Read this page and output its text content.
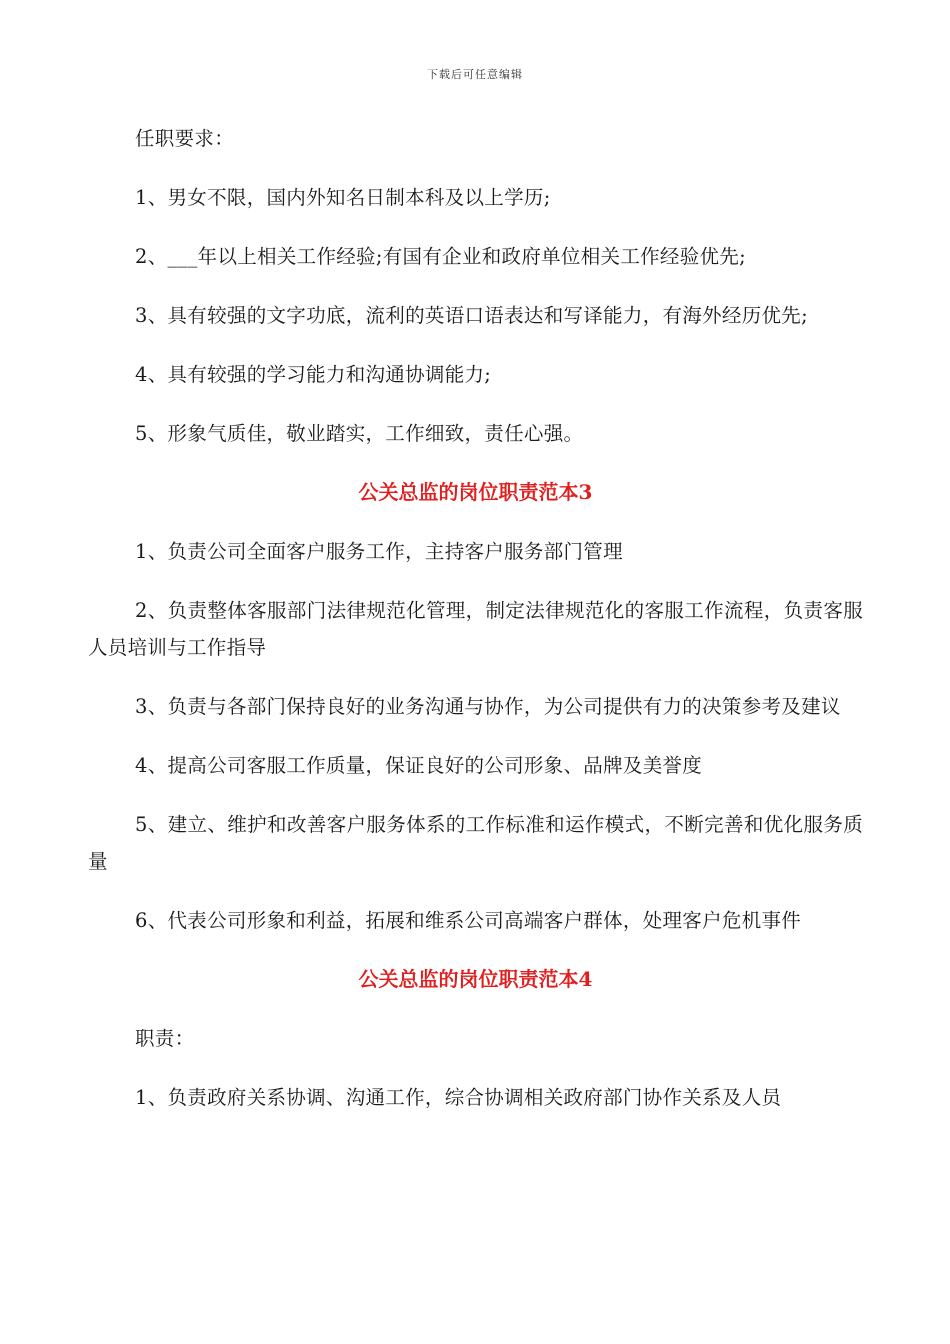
下载后可任意编辑

任职要求：

1、男女不限，国内外知名日制本科及以上学历;

2、___年以上相关工作经验;有国有企业和政府单位相关工作经验优先;

3、具有较强的文字功底，流利的英语口语表达和写译能力，有海外经历优先;

4、具有较强的学习能力和沟通协调能力;

5、形象气质佳，敬业踏实，工作细致，责任心强。

公关总监的岗位职责范本3

1、负责公司全面客户服务工作，主持客户服务部门管理

2、负责整体客服部门法律规范化管理，制定法律规范化的客服工作流程，负责客服人员培训与工作指导

3、负责与各部门保持良好的业务沟通与协作，为公司提供有力的决策参考及建议

4、提高公司客服工作质量，保证良好的公司形象、品牌及美誉度

5、建立、维护和改善客户服务体系的工作标准和运作模式，不断完善和优化服务质量

6、代表公司形象和利益，拓展和维系公司高端客户群体，处理客户危机事件

公关总监的岗位职责范本4

职责：

1、负责政府关系协调、沟通工作，综合协调相关政府部门协作关系及人员
